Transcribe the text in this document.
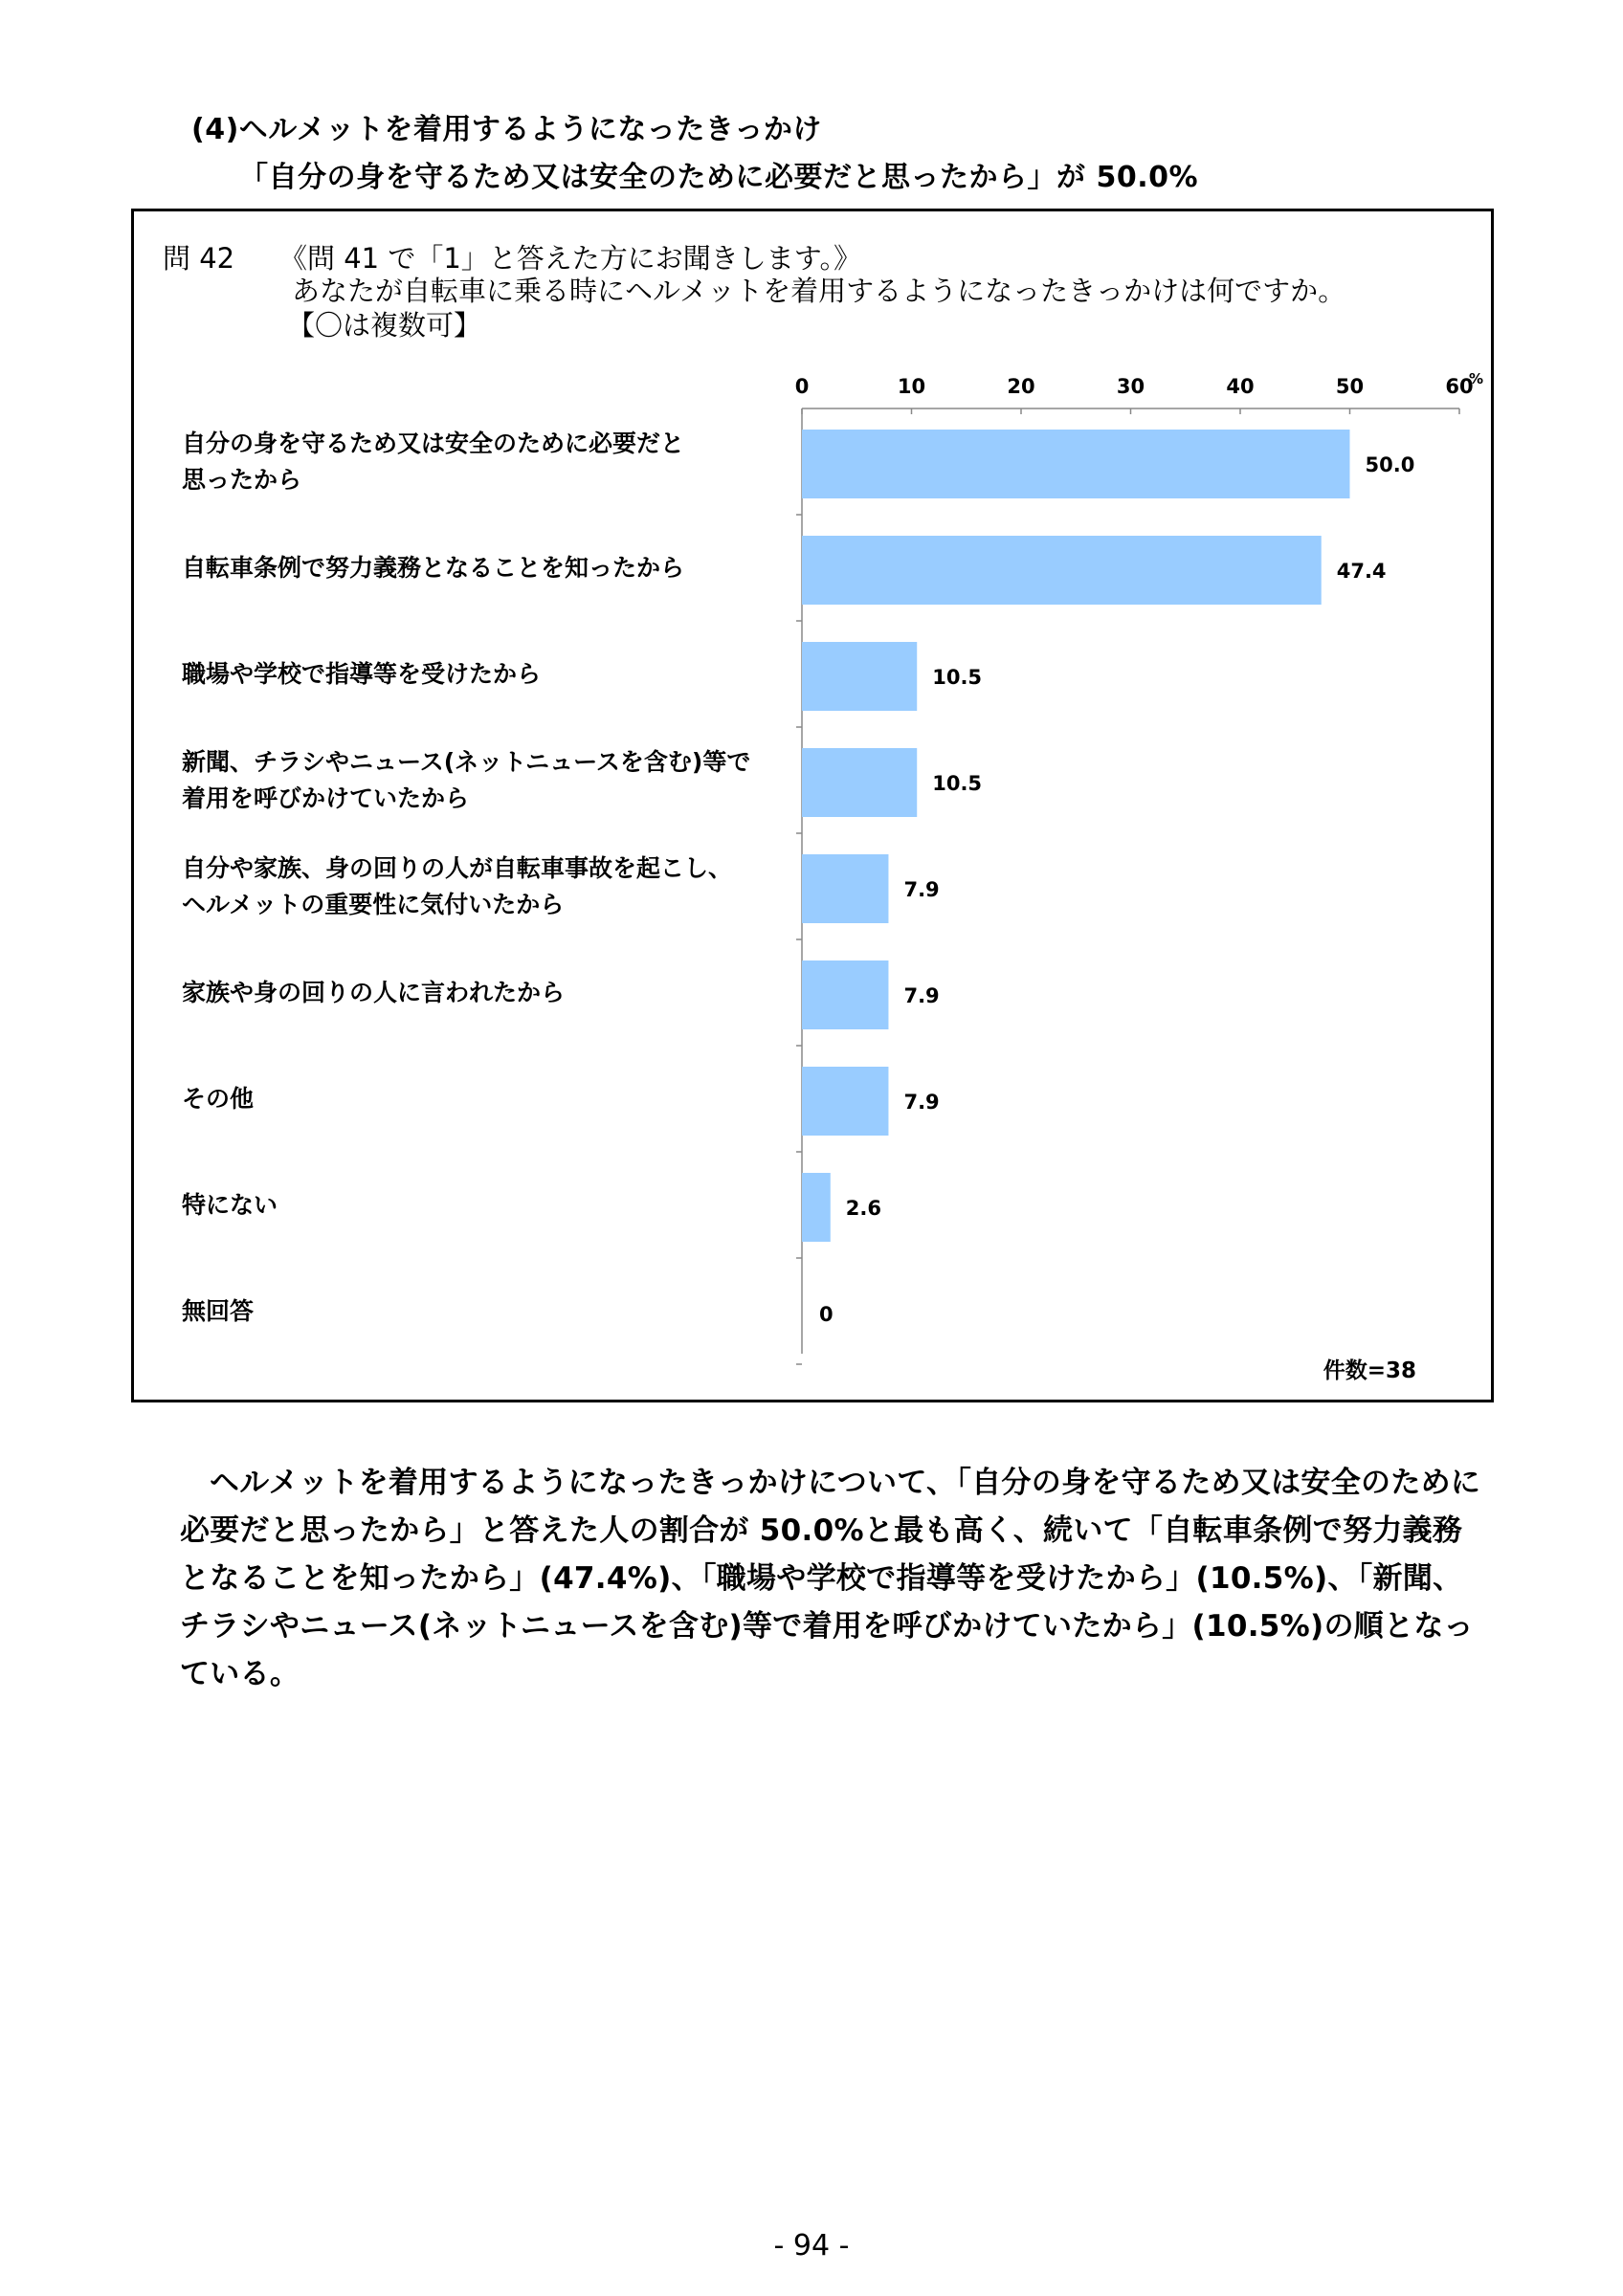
(4)ヘルメットを着用するようになったきっかけ
「自分の身を守るため又は安全のために必要だと思ったから」が 50.0%
問 42 《問 41 で「1」と答えた方にお聞きします。》
あなたが自転車に乗る時にヘルメットを着用するようになったきっかけは何ですか。
【〇は複数可】
自分の身を守るため又は安全のために必要だと
思ったから
自転車条例で努力義務となることを知ったから
職場や学校で指導等を受けたから
新聞、チラシやニュース(ネットニュースを含む)等で
着用を呼びかけていたから
自分や家族、身の回りの人が自転車事故を起こし、
ヘルメットの重要性に気付いたから
家族や身の回りの人に言われたから
その他
特にない
無回答
0	10	20	30	40	50	60
%
50.0
47.4
10.5
10.5
7.9
7.9
7.9
2.6
0
件数=38
ヘルメットを着用するようになったきっかけについて、「自分の身を守るため又は安全のために必要だと思ったから」と答えた人の割合が 50.0%と最も高く、続いて「自転車条例で努力義務となることを知ったから」(47.4%)、「職場や学校で指導等を受けたから」(10.5%)、「新聞、チラシやニュース(ネットニュースを含む)等で着用を呼びかけていたから」(10.5%)の順となっている。
- 94 -
